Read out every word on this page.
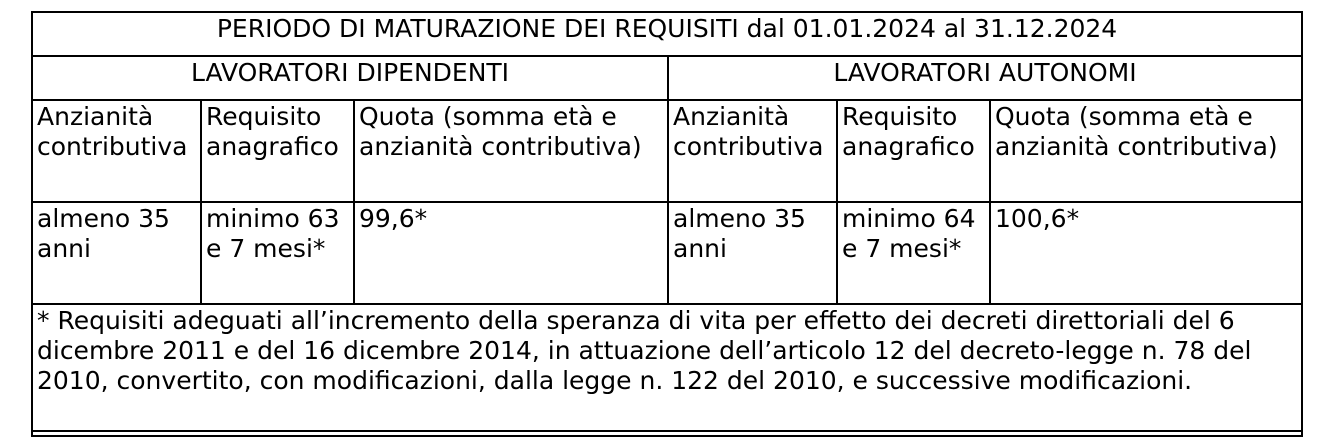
PERIODO DI MATURAZIONE DEI REQUISITI dal 01.01.2024 al 31.12.2024					
LAVORATORI DIPENDENTI			LAVORATORI AUTONOMI		
Anzianità contributiva	Requisito anagrafico	Quota (somma età e anzianità contributiva)	Anzianità contributiva	Requisito anagrafico	Quota (somma età e anzianità contributiva)
almeno 35 anni	minimo 63 e 7 mesi*	99,6*	almeno 35 anni	minimo 64 e 7 mesi*	100,6*
* Requisiti adeguati all’incremento della speranza di vita per effetto dei decreti direttoriali del 6 dicembre 2011 e del 16 dicembre 2014, in attuazione dell’articolo 12 del decreto-legge n. 78 del 2010, convertito, con modificazioni, dalla legge n. 122 del 2010, e successive modificazioni.					
